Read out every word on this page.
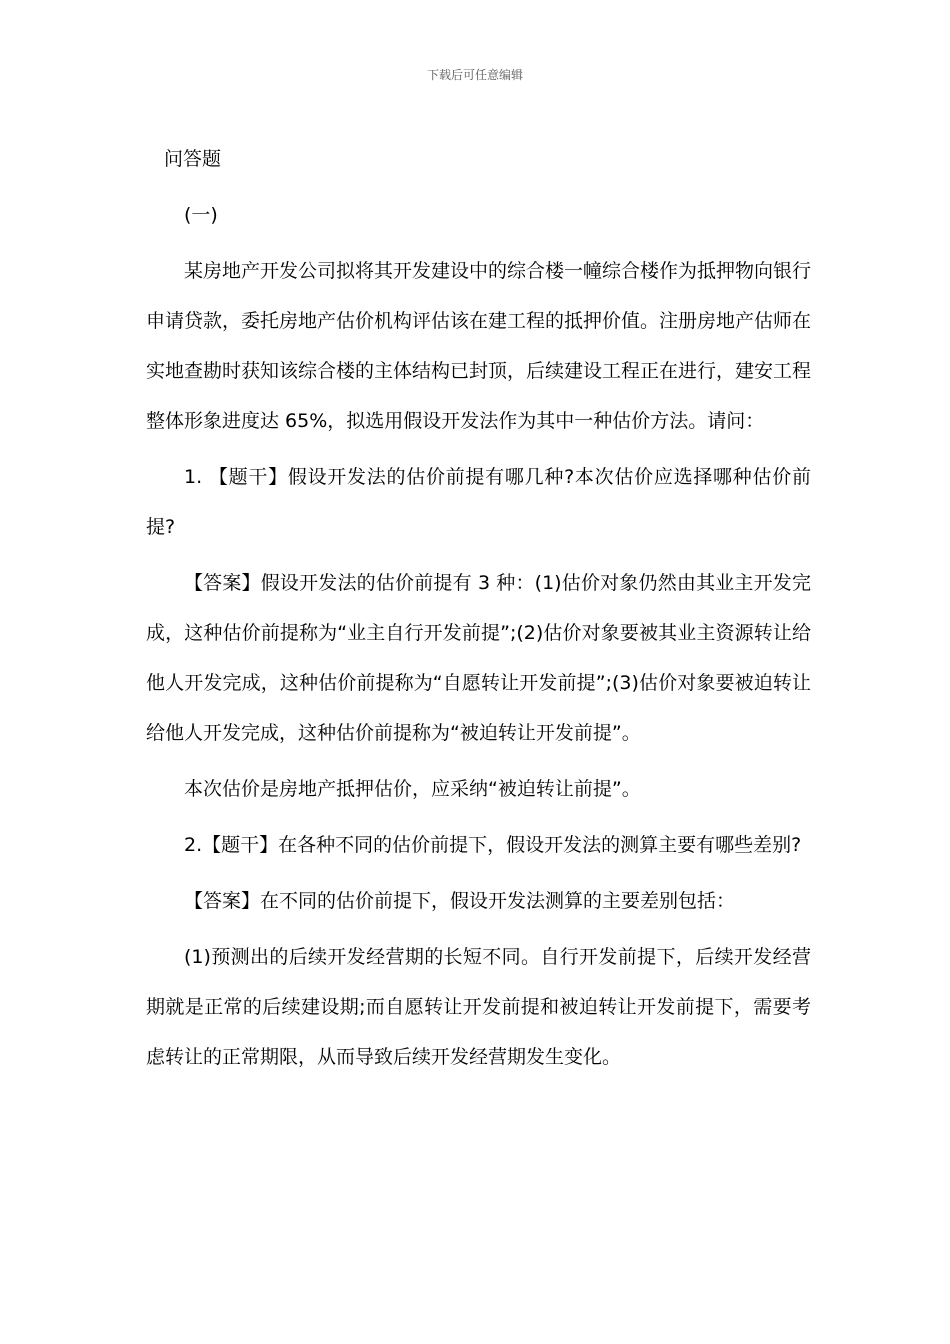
下载后可任意编辑

问答题

(一)

某房地产开发公司拟将其开发建设中的综合楼一幢综合楼作为抵押物向银行申请贷款，委托房地产估价机构评估该在建工程的抵押价值。注册房地产估师在实地查勘时获知该综合楼的主体结构已封顶，后续建设工程正在进行，建安工程整体形象进度达 65%，拟选用假设开发法作为其中一种估价方法。请问：

1. 【题干】假设开发法的估价前提有哪几种?本次估价应选择哪种估价前提?

【答案】假设开发法的估价前提有 3 种：(1)估价对象仍然由其业主开发完成，这种估价前提称为“业主自行开发前提”;(2)估价对象要被其业主资源转让给他人开发完成，这种估价前提称为“自愿转让开发前提”;(3)估价对象要被迫转让给他人开发完成，这种估价前提称为“被迫转让开发前提”。

本次估价是房地产抵押估价，应采纳“被迫转让前提”。

2.【题干】在各种不同的估价前提下，假设开发法的测算主要有哪些差别?

【答案】在不同的估价前提下，假设开发法测算的主要差别包括：

(1)预测出的后续开发经营期的长短不同。自行开发前提下，后续开发经营期就是正常的后续建设期;而自愿转让开发前提和被迫转让开发前提下，需要考虑转让的正常期限，从而导致后续开发经营期发生变化。
